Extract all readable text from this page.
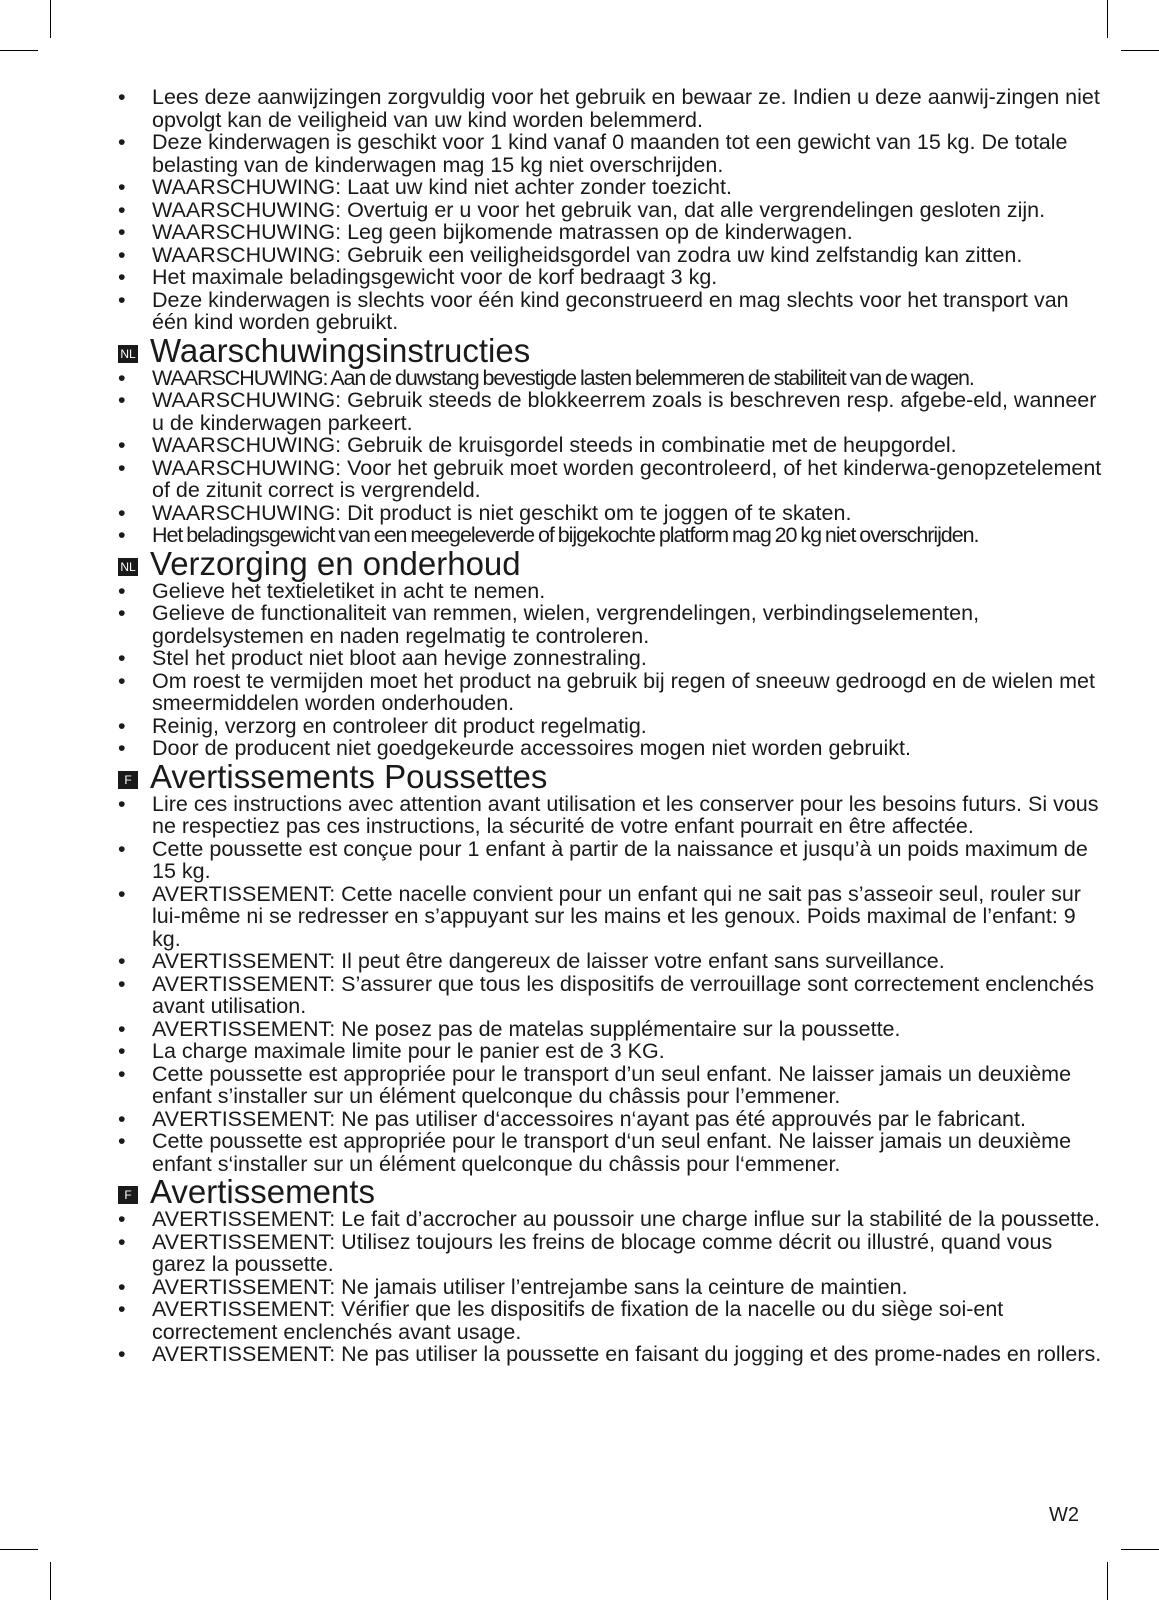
•	Lees deze aanwijzingen zorgvuldig voor het gebruik en bewaar ze. Indien u deze aanwij-zingen niet opvolgt kan de veiligheid van uw kind worden belemmerd.
•	Deze kinderwagen is geschikt voor 1 kind vanaf 0 maanden tot een gewicht van 15 kg. De totale belasting van de kinderwagen mag 15 kg niet overschrijden.
•	WAARSCHUWING: Laat uw kind niet achter zonder toezicht.
•	WAARSCHUWING: Overtuig er u voor het gebruik van, dat alle vergrendelingen gesloten zijn.
•	WAARSCHUWING: Leg geen bijkomende matrassen op de kinderwagen.
•	WAARSCHUWING: Gebruik een veiligheidsgordel van zodra uw kind zelfstandig kan zitten.
•	Het maximale beladingsgewicht voor de korf bedraagt 3 kg.
•	Deze kinderwagen is slechts voor één kind geconstrueerd en mag slechts voor het transport van één kind worden gebruikt.
NL Waarschuwingsinstructies
•	WAARSCHUWING: Aan de duwstang bevestigde lasten belemmeren de stabiliteit van de wagen.
•	WAARSCHUWING: Gebruik steeds de blokkeerrem zoals is beschreven resp. afgebe-eld, wanneer u de kinderwagen parkeert.
•	WAARSCHUWING: Gebruik de kruisgordel steeds in combinatie met de heupgordel.
•	WAARSCHUWING: Voor het gebruik moet worden gecontroleerd, of het kinderwa-genopzetelement of de zitunit correct is vergrendeld.
•	WAARSCHUWING: Dit product is niet geschikt om te joggen of te skaten.
•	Het beladingsgewicht van een meegeleverde of bijgekochte platform mag 20 kg niet overschrijden.
NL Verzorging en onderhoud
•	Gelieve het textieletiket in acht te nemen.
•	Gelieve de functionaliteit van remmen, wielen, vergrendelingen, verbindingselementen, gordelsystemen en naden regelmatig te controleren.
•	Stel het product niet bloot aan hevige zonnestraling.
•	Om roest te vermijden moet het product na gebruik bij regen of sneeuw gedroogd en de wielen met smeermiddelen worden onderhouden.
•	Reinig, verzorg en controleer dit product regelmatig.
•	Door de producent niet goedgekeurde accessoires mogen niet worden gebruikt.
F Avertissements Poussettes
•	Lire ces instructions avec attention avant utilisation et les conserver pour les besoins futurs. Si vous ne respectiez pas ces instructions, la sécurité de votre enfant pourrait en être affectée.
•	Cette poussette est conçue pour 1 enfant à partir de la naissance et jusqu’à un poids maximum de 15 kg.
•	AVERTISSEMENT: Cette nacelle convient pour un enfant qui ne sait pas s’asseoir seul, rouler sur lui-même ni se redresser en s’appuyant sur les mains et les genoux. Poids maximal de l’enfant: 9 kg.
•	AVERTISSEMENT: Il peut être dangereux de laisser votre enfant sans surveillance.
•	AVERTISSEMENT: S’assurer que tous les dispositifs de verrouillage sont correctement enclenchés avant utilisation.
•	AVERTISSEMENT: Ne posez pas de matelas supplémentaire sur la poussette.
•	La charge maximale limite pour le panier est de 3 KG.
•	Cette poussette est appropriée pour le transport d’un seul enfant. Ne laisser jamais un deuxième enfant s’installer sur un élément quelconque du châssis pour l’emmener.
•	AVERTISSEMENT: Ne pas utiliser d‘accessoires n‘ayant pas été approuvés par le fabricant.
•	Cette poussette est appropriée pour le transport d‘un seul enfant. Ne laisser jamais un deuxième enfant s‘installer sur un élément quelconque du châssis pour l‘emmener.
F Avertissements
•	AVERTISSEMENT: Le fait d’accrocher au poussoir une charge influe sur la stabilité de la poussette.
•	AVERTISSEMENT: Utilisez toujours les freins de blocage comme décrit ou illustré, quand vous garez la poussette.
•	AVERTISSEMENT: Ne jamais utiliser l’entrejambe sans la ceinture de maintien.
•	AVERTISSEMENT: Vérifier que les dispositifs de fixation de la nacelle ou du siège soi-ent correctement enclenchés avant usage.
•	AVERTISSEMENT: Ne pas utiliser la poussette en faisant du jogging et des prome-nades en rollers.
W2
